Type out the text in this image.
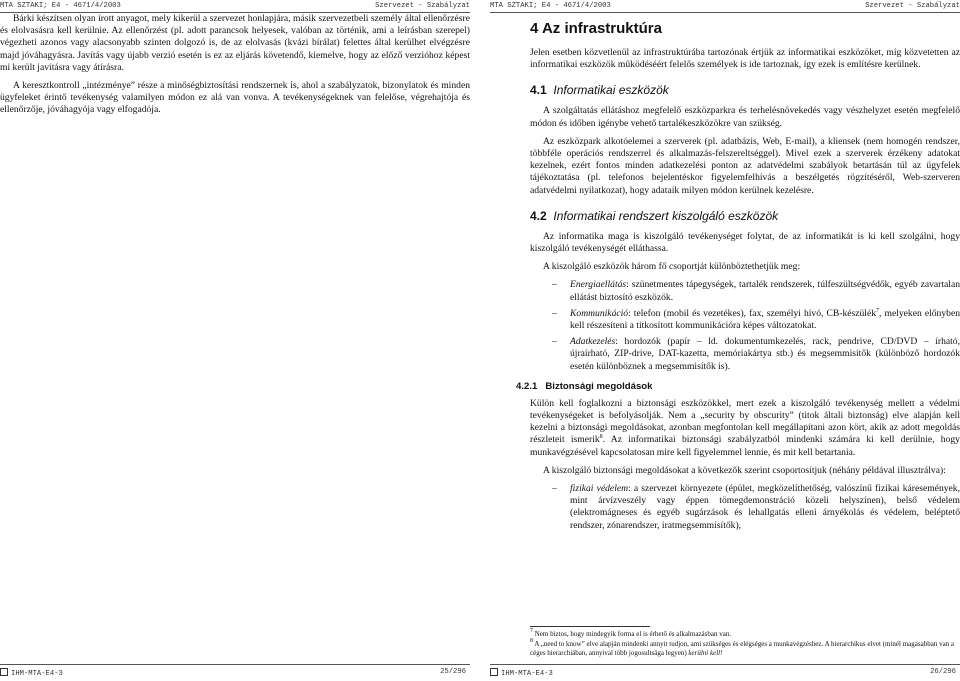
MTA SZTAKI; E4 - 4671/4/2003	Szervezet - Szabályzat

Bárki készítsen olyan írott anyagot, mely kikerül a szervezet honlapjára, másik szervezetbeli személy által ellenőrzésre és elolvasásra kell kerülnie. Az ellenőrzést (pl. adott parancsok helyesek, valóban az történik, ami a leírásban szerepel) végezheti azonos vagy alacsonyabb szinten dolgozó is, de az elolvasás (kvázi bírálat) felettes által kerülhet elvégzésre majd jóváhagyásra. Javítás vagy újabb verzió esetén is ez az eljárás követendő, kiemelve, hogy az előző verzióhoz képest mi került javításra vagy átírásra.

A keresztkontroll „intézménye” része a minőségbiztosítási rendszernek is, ahol a szabályzatok, bizonylatok és minden ügyfeleket érintő tevékenység valamilyen módon ez alá van vonva. A tevékenységeknek van felelőse, végrehajtója és ellenőrzője, jóváhagyója vagy elfogadója.

IHM-MTA-E4-3	25/296
MTA SZTAKI; E4 - 4671/4/2003	Szervezet - Szabályzat
4 Az infrastruktúra

Jelen esetben közvetlenül az infrastruktúrába tartozónak értjük az informatikai eszközöket, míg közvetetten az informatikai eszközök működéséért felelős személyek is ide tartoznak, így ezek is említésre kerülnek.

4.1 Informatikai eszközök

A szolgáltatás ellátáshoz megfelelő eszközparkra és terhelésnövekedés vagy vészhelyzet esetén megfelelő módon és időben igénybe vehető tartalékeszközökre van szükség.

Az eszközpark alkotóelemei a szerverek (pl. adatbázis, Web, E-mail), a kliensek (nem homogén rendszer, többféle operációs rendszerrel és alkalmazás-felszereltséggel). Mivel ezek a szerverek érzékeny adatokat kezelnek, ezért fontos minden adatkezelési ponton az adatvédelmi szabályok betartásán túl az ügyfelek tájékoztatása (pl. telefonos bejelentéskor figyelemfelhívás a beszélgetés rögzítéséről, Web-szerveren adatvédelmi nyilatkozat), hogy adataik milyen módon kerülnek kezelésre.

4.2 Informatikai rendszert kiszolgáló eszközök

Az informatika maga is kiszolgáló tevékenységet folytat, de az informatikát is ki kell szolgálni, hogy kiszolgáló tevékenységét elláthassa.

A kiszolgáló eszközök három fő csoportját különböztethetjük meg:

– Energiaellátás: szünetmentes tápegységek, tartalék rendszerek, túlfeszültségvédők, egyéb zavartalan ellátást biztosító eszközök.
– Kommunikáció: telefon (mobil és vezetékes), fax, személyi hívó, CB-készülék$^7$, melyeken előnyben kell részesíteni a titkosított kommunikációra képes változatokat.
– Adatkezelés: hordozók (papír – ld. dokumentumkezelés, rack, pendrive, CD/DVD – írható, újraírható, ZIP-drive, DAT-kazetta, memóriakártya stb.) és megsemmisítők (különböző hordozók esetén különböznek a megsemmisítők is).
4.2.1 Biztonsági megoldások

Külön kell foglalkozni a biztonsági eszközökkel, mert ezek a kiszolgáló tevékenység mellett a védelmi tevékenységeket is befolyásolják. Nem a „security by obscurity” (titok általi biztonság) elve alapján kell kezelni a biztonsági megoldásokat, azonban megfontolan kell megállapítani azon kört, akik az adott megoldás részleteit ismerik$^8$. Az informatikai biztonsági szabályzatból mindenki számára ki kell derülnie, hogy munkavégzésével kapcsolatosan mire kell figyelemmel lennie, és mit kell betartania.

A kiszolgáló biztonsági megoldásokat a következők szerint csoportosítjuk (néhány példával illusztrálva):

– fizikai védelem: a szervezet környezete (épület, megközelíthetőség, valószínű fizikai káresemények, mint árvízveszély vagy éppen tömegdemonstráció közeli helyszínen), belső védelem (elektromágneses és egyéb sugárzások és lehallgatás elleni árnyékolás és védelem, beléptető rendszer, zónarendszer, iratmegsemmisítők),
$^7$ Nem biztos, hogy mindegyik forma el is érhető és alkalmazásban van.
$^8$ A „need to know” elve alapján mindenki annyit tudjon, ami szükséges és elégséges a munkavégzéshez. A hierarchikus elvet (minél magasabban van a céges hierarchiában, annyival több jogosultsága legyen) kerülni kell!
IHM-MTA-E4-3	26/296
